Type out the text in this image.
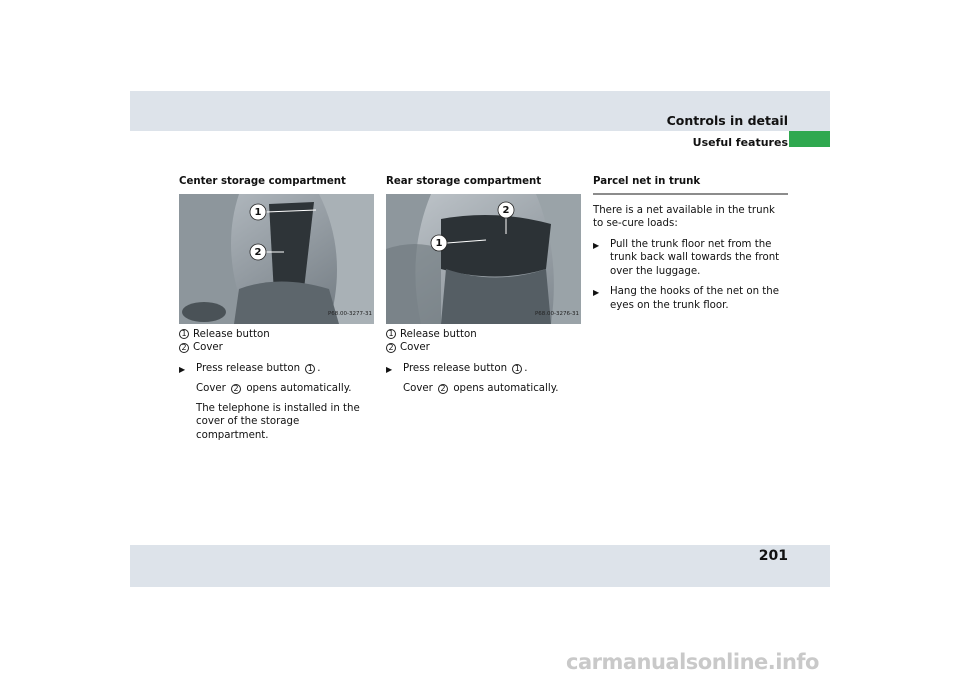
Controls in detail
Useful features
Center storage compartment
1
2
P68.00-3277-31
1 Release button
2 Cover
▶	Press release button 1 .
Cover 2 opens automatically.

The telephone is installed in the cover of the storage compartment.

Rear storage compartment
1
2
P68.00-3276-31
1 Release button
2 Cover
▶	Press release button 1 .
Cover 2 opens automatically.
Parcel net in trunk

There is a net available in the trunk to se-cure loads:

▶	Pull the trunk floor net from the trunk back wall towards the front over the luggage.
▶	Hang the hooks of the net on the eyes on the trunk floor.
201
carmanualsonline.info
